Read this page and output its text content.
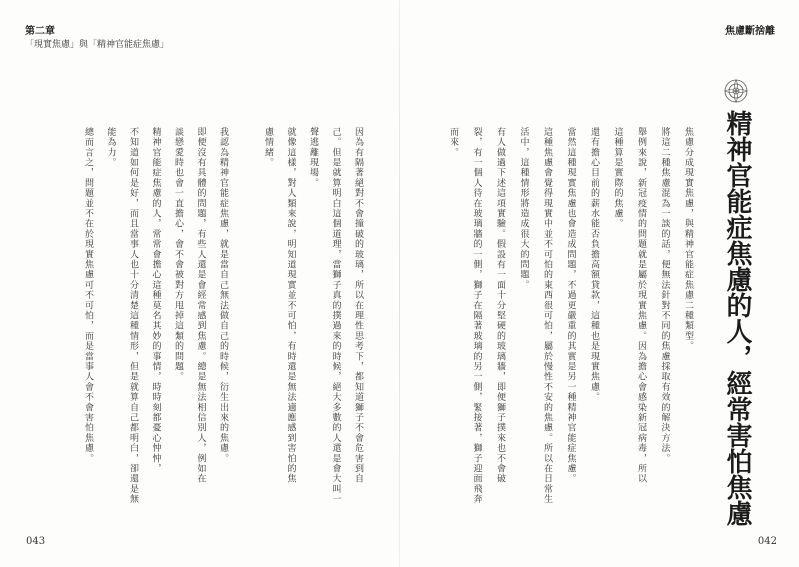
第二章
「現實焦慮」與「精神官能症焦慮」
焦慮斷捨離
精神官能症焦慮的人，經常害怕焦慮
焦慮分成現實焦慮，與精神官能症焦慮二種類型。
將這二種焦慮混為一談的話，便無法針對不同的焦慮採取有效的解決方法。
舉例來說，新冠疫情的問題就是屬於現實焦慮。因為擔心會感染新冠病毒，所以
這種算是實際的焦慮。
還有擔心目前的薪水能否負擔高額貸款，這種也是現實焦慮。
當然這種現實焦慮也會造成問題，不過更嚴重的其實是另一種精神官能症焦慮。
這種焦慮會覺得現實中並不可怕的東西很可怕，屬於慢性不安的焦慮。所以在日常生
活中，這種情形將造成很大的問題。
有人做過下述這項實驗。假設有一面十分堅硬的玻璃牆，即便獅子撲來也不會破
裂，有一個人待在玻璃牆的一側，獅子在隔著玻璃的另一側，緊接著，獅子迎面飛奔
而來。
因為有隔著絕對不會撞破的玻璃，所以在理性思考下，都知道獅子不會危害到自
己。但是就算明白這個道理，當獅子真的撲過來的時候，絕大多數的人還是會大叫一
聲逃離現場。
就像這樣，對人類來說，明知道現實並不可怕，有時還是無法適應感到害怕的焦
慮情緒。
我認為精神官能症焦慮，就是當自己無法做自己的時候，衍生出來的焦慮。
即便沒有具體的問題，有些人還是會經常感到焦慮。總是無法相信別人，例如在
談戀愛時也會一直擔心，會不會被對方甩掉這類的問題。
精神官能症焦慮的人，常常會擔心這種莫名其妙的事情，時時刻都憂心忡忡，
不知道如何是好，而且當事人也十分清楚這種情形，但是就算自己都明白，卻還是無
能為力。
總而言之，問題並不在於現實焦慮可不可怕，而是當事人會不會害怕焦慮。
043	042
